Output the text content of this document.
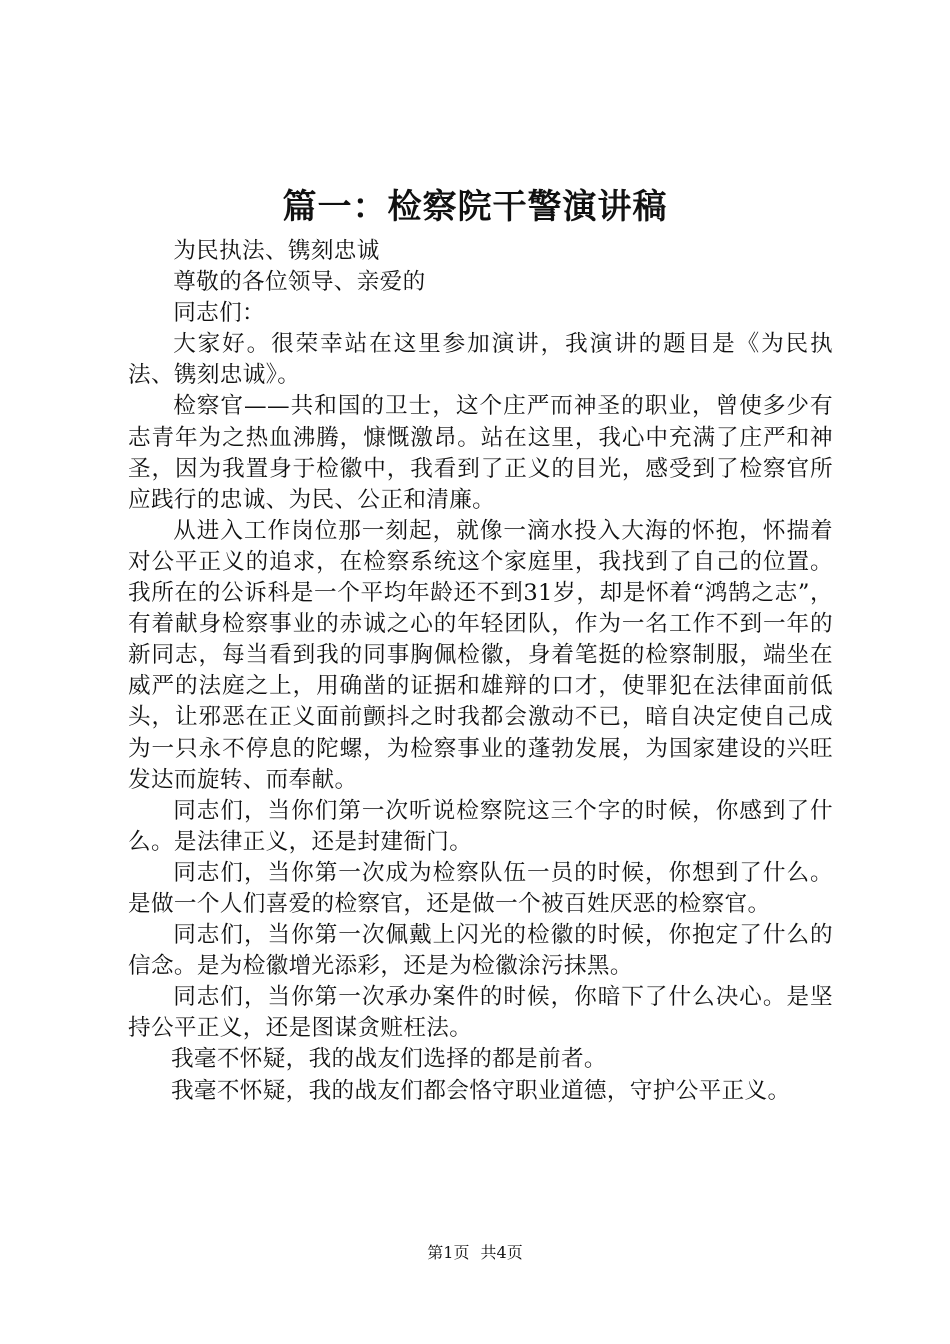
篇一：检察院干警演讲稿

为民执法、镌刻忠诚

尊敬的各位领导、亲爱的

同志们：

大家好。很荣幸站在这里参加演讲，我演讲的题目是《为民执法、镌刻忠诚》。

检察官——共和国的卫士，这个庄严而神圣的职业，曾使多少有志青年为之热血沸腾，慷慨激昂。站在这里，我心中充满了庄严和神圣，因为我置身于检徽中，我看到了正义的目光，感受到了检察官所应践行的忠诚、为民、公正和清廉。

从进入工作岗位那一刻起，就像一滴水投入大海的怀抱，怀揣着对公平正义的追求，在检察系统这个家庭里，我找到了自己的位置。我所在的公诉科是一个平均年龄还不到31岁，却是怀着“鸿鹄之志”，有着献身检察事业的赤诚之心的年轻团队，作为一名工作不到一年的新同志，每当看到我的同事胸佩检徽，身着笔挺的检察制服，端坐在威严的法庭之上，用确凿的证据和雄辩的口才，使罪犯在法律面前低头，让邪恶在正义面前颤抖之时我都会激动不已，暗自决定使自己成为一只永不停息的陀螺，为检察事业的蓬勃发展，为国家建设的兴旺发达而旋转、而奉献。

同志们，当你们第一次听说检察院这三个字的时候，你感到了什么。是法律正义，还是封建衙门。

同志们，当你第一次成为检察队伍一员的时候，你想到了什么。是做一个人们喜爱的检察官，还是做一个被百姓厌恶的检察官。

同志们，当你第一次佩戴上闪光的检徽的时候，你抱定了什么的信念。是为检徽增光添彩，还是为检徽涂污抹黑。

同志们，当你第一次承办案件的时候，你暗下了什么决心。是坚持公平正义，还是图谋贪赃枉法。

我毫不怀疑，我的战友们选择的都是前者。

我毫不怀疑，我的战友们都会恪守职业道德，守护公平正义。

第1页 共4页
